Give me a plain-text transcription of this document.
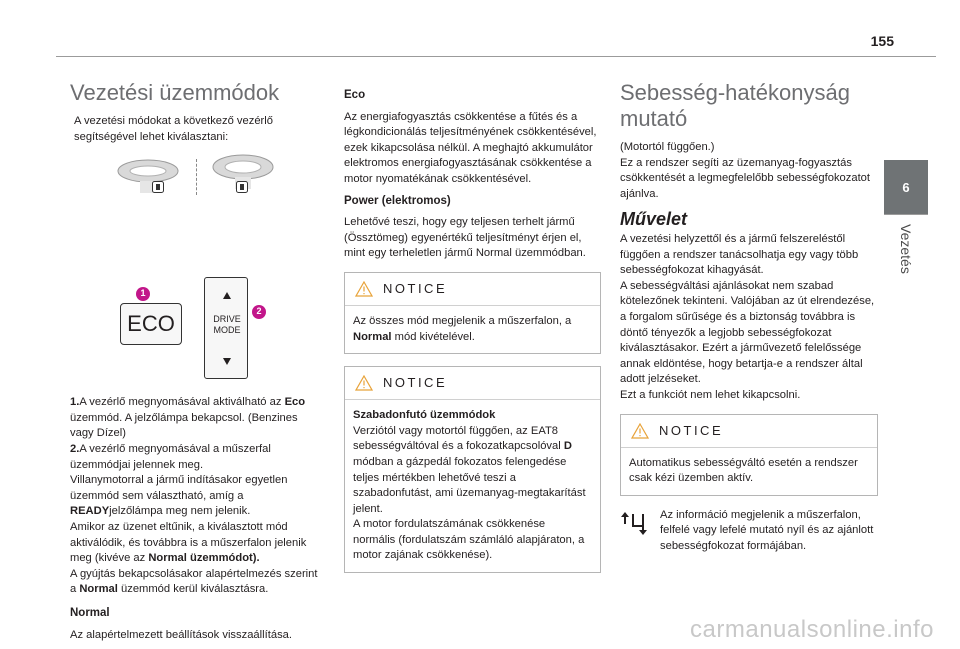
155
6
Vezetés
Vezetési üzemmódok

A vezetési módokat a következő vezérlő segítségével lehet kiválasztani:

1
ECO	DRIVE
MODE
2

1.A vezérlő megnyomásával aktiválható az Eco üzemmód. A jelzőlámpa bekapcsol. (Benzines vagy Dízel)
2.A vezérlő megnyomásával a műszerfal üzemmódjai jelennek meg.
Villanymotorral a jármű indításakor egyetlen üzemmód sem választható, amíg a READYjelzőlámpa meg nem jelenik.
Amikor az üzenet eltűnik, a kiválasztott mód aktiválódik, és továbbra is a műszerfalon jelenik meg (kivéve az Normal üzemmódot).
A gyújtás bekapcsolásakor alapértelmezés szerint a Normal üzemmód kerül kiválasztásra.

Normal

Az alapértelmezett beállítások visszaállítása.

Eco

Az energiafogyasztás csökkentése a fűtés és a légkondicionálás teljesítményének csökkentésével, ezek kikapcsolása nélkül. A meghajtó akkumulátor elektromos energiafogyasztásának csökkentése a motor nyomatékának csökkentésével.

Power (elektromos)

Lehetővé teszi, hogy egy teljesen terhelt jármű (Össztömeg) egyenértékű teljesítményt érjen el, mint egy terheletlen jármű Normal üzemmódban.

NOTICE
Az összes mód megjelenik a műszerfalon, a Normal mód kivételével.
NOTICE
Szabadonfutó üzemmódok
Verziótól vagy motortól függően, az EAT8 sebességváltóval és a fokozatkapcsolóval D módban a gázpedál fokozatos felengedése teljes mértékben lehetővé teszi a szabadonfutást, ami üzemanyag-megtakarítást jelent.
A motor fordulatszámának csökkenése normális (fordulatszám számláló alapjáraton, a motor zajának csökkenése).
Sebesség-hatékonyság mutató

(Motortól függően.)
Ez a rendszer segíti az üzemanyag-fogyasztás csökkentését a legmegfelelőbb sebességfokozatot ajánlva.

Művelet

A vezetési helyzettől és a jármű felszereléstől függően a rendszer tanácsolhatja egy vagy több sebességfokozat kihagyását.
A sebességváltási ajánlásokat nem szabad kötelezőnek tekinteni. Valójában az út elrendezése, a forgalom sűrűsége és a biztonság továbbra is döntő tényezők a legjobb sebességfokozat kiválasztásakor. Ezért a járművezető felelőssége annak eldöntése, hogy betartja-e a rendszer által adott jelzéseket.
Ezt a funkciót nem lehet kikapcsolni.

NOTICE
Automatikus sebességváltó esetén a rendszer csak kézi üzemben aktív.

Az információ megjelenik a műszerfalon, felfelé vagy lefelé mutató nyíl és az ajánlott sebességfokozat formájában.

carmanualsonline.info
